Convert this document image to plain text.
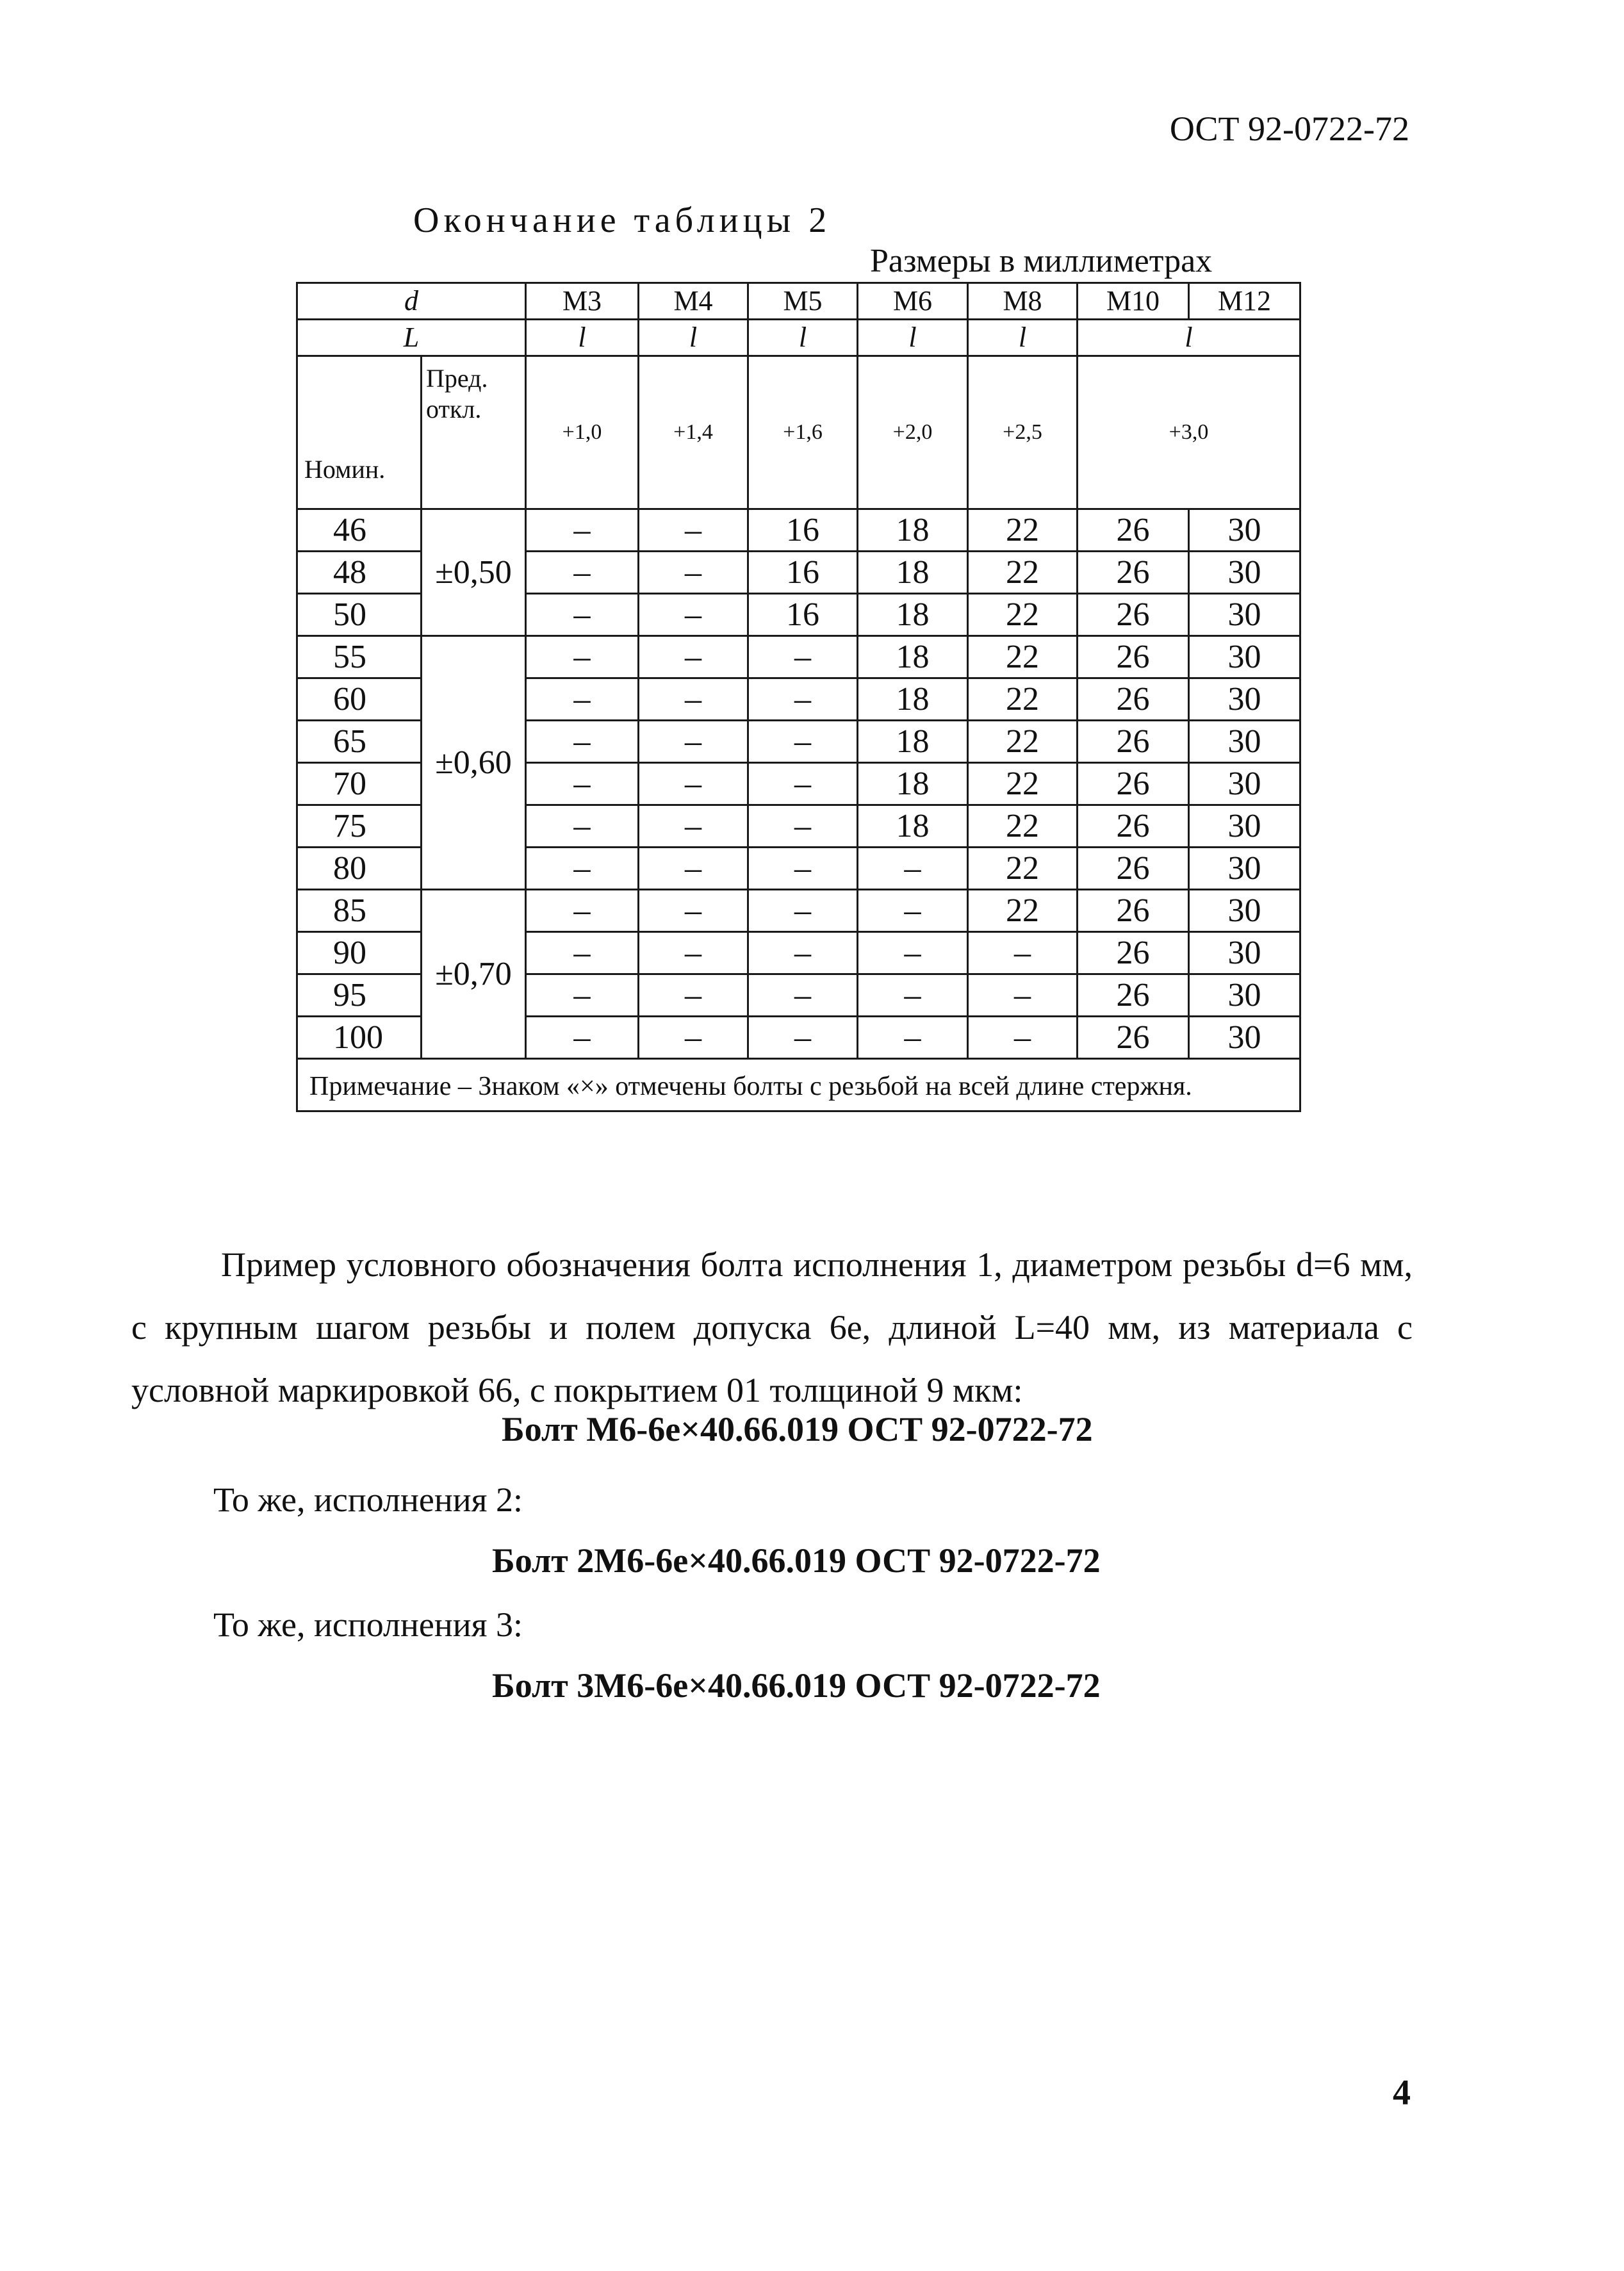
ОСТ 92-0722-72
Окончание таблицы 2
Размеры в миллиметрах
d		М3	М4	М5	М6	М8	М10	М12
L		l	l	l	l	l	l	
Номин.	Пред. откл.	+1,0	+1,4	+1,6	+2,0	+2,5	+3,0	
46	±0,50	–	–	16	18	22	26	30
48		–	–	16	18	22	26	30
50		–	–	16	18	22	26	30
55	±0,60	–	–	–	18	22	26	30
60		–	–	–	18	22	26	30
65		–	–	–	18	22	26	30
70		–	–	–	18	22	26	30
75		–	–	–	18	22	26	30
80		–	–	–	–	22	26	30
85	±0,70	–	–	–	–	22	26	30
90		–	–	–	–	–	26	30
95		–	–	–	–	–	26	30
100		–	–	–	–	–	26	30
Примечание – Знаком «×» отмечены болты с резьбой на всей длине стержня.								
Пример условного обозначения болта исполнения 1, диаметром резьбы d=6 мм, с крупным шагом резьбы и полем допуска 6е, длиной L=40 мм, из материала с условной маркировкой 66, с покрытием 01 толщиной 9 мкм:
Болт М6-6е×40.66.019 ОСТ 92-0722-72
То же, исполнения 2:
Болт 2М6-6е×40.66.019 ОСТ 92-0722-72
То же, исполнения 3:
Болт 3М6-6е×40.66.019 ОСТ 92-0722-72
4
